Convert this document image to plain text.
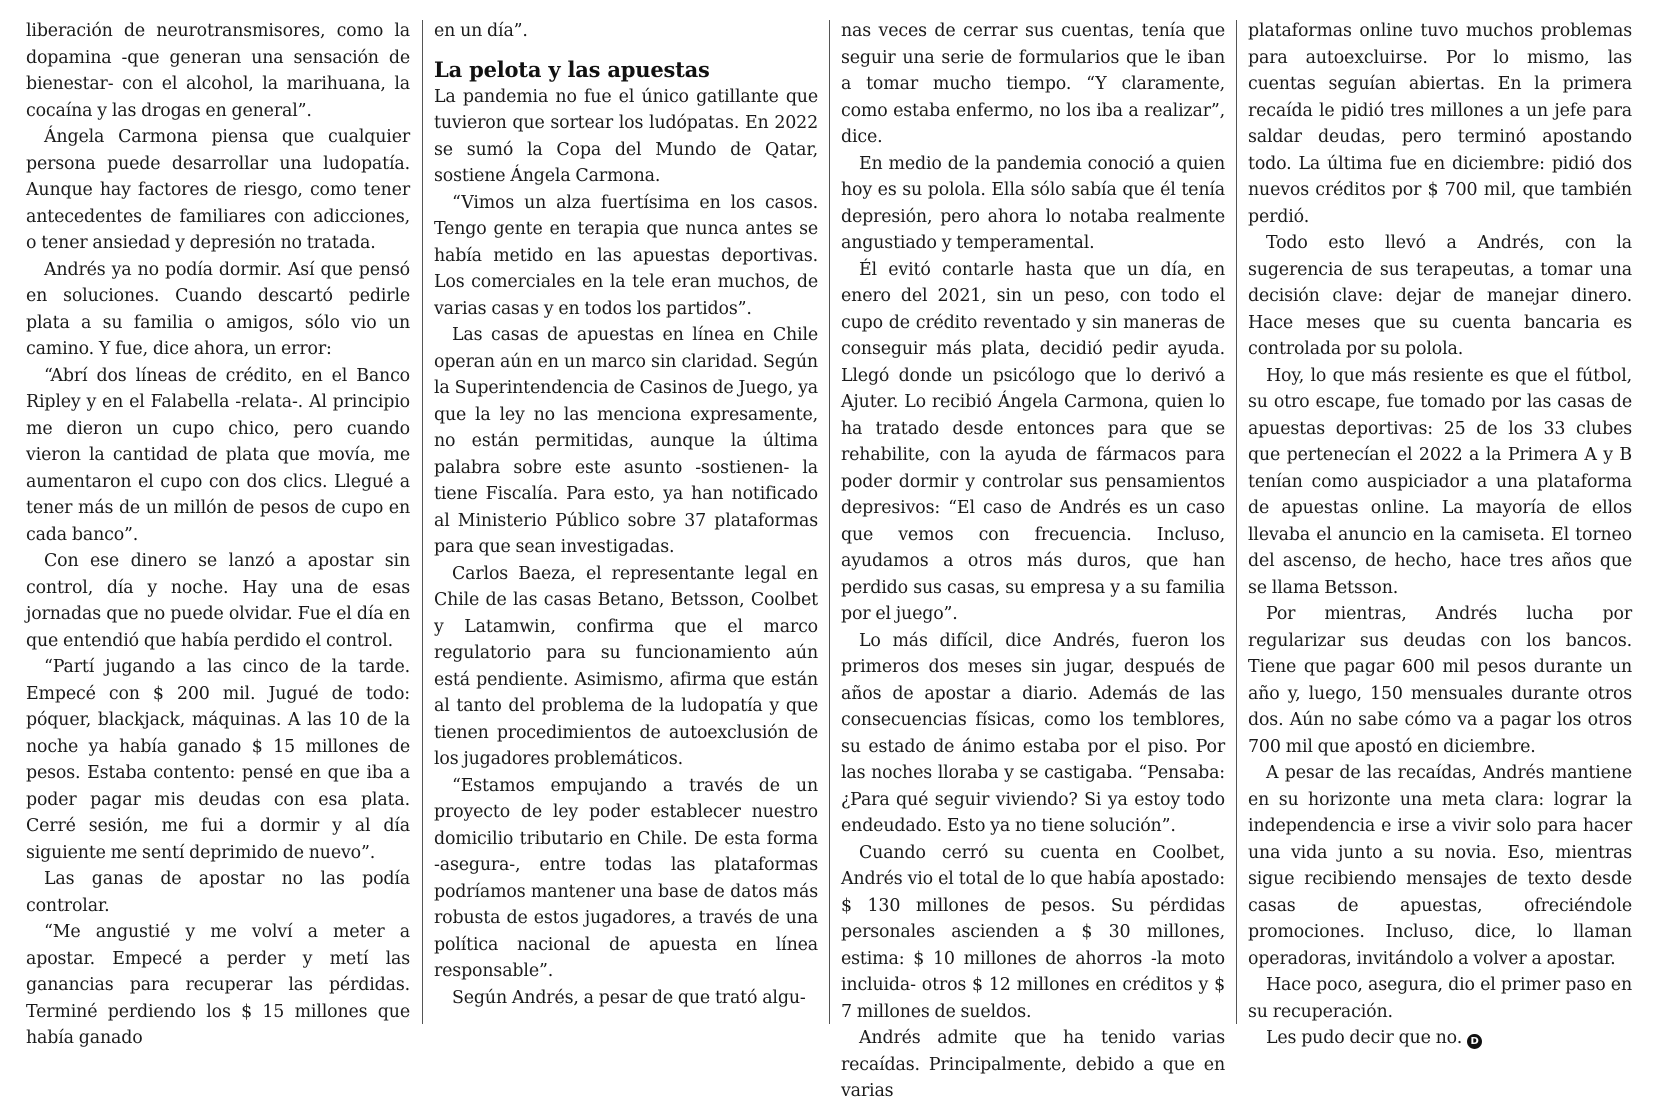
liberación de neurotransmisores, como la dopamina -que generan una sensación de bienestar- con el alcohol, la marihuana, la cocaína y las drogas en general”.

Ángela Carmona piensa que cualquier persona puede desarrollar una ludopatía. Aunque hay factores de riesgo, como tener antecedentes de familiares con adicciones, o tener ansiedad y depresión no tratada.

Andrés ya no podía dormir. Así que pensó en soluciones. Cuando descartó pedirle plata a su familia o amigos, sólo vio un camino. Y fue, dice ahora, un error:

“Abrí dos líneas de crédito, en el Banco Ripley y en el Falabella -relata-. Al principio me dieron un cupo chico, pero cuando vieron la cantidad de plata que movía, me aumentaron el cupo con dos clics. Llegué a tener más de un millón de pesos de cupo en cada banco”.

Con ese dinero se lanzó a apostar sin control, día y noche. Hay una de esas jornadas que no puede olvidar. Fue el día en que entendió que había perdido el control.

“Partí jugando a las cinco de la tarde. Empecé con $ 200 mil. Jugué de todo: póquer, blackjack, máquinas. A las 10 de la noche ya había ganado $ 15 millones de pesos. Estaba contento: pensé en que iba a poder pagar mis deudas con esa plata. Cerré sesión, me fui a dormir y al día siguiente me sentí deprimido de nuevo”.

Las ganas de apostar no las podía controlar.

“Me angustié y me volví a meter a apostar. Empecé a perder y metí las ganancias para recuperar las pérdidas. Terminé perdiendo los $ 15 millones que había ganado

en un día”.

La pelota y las apuestas

La pandemia no fue el único gatillante que tuvieron que sortear los ludópatas. En 2022 se sumó la Copa del Mundo de Qatar, sostiene Ángela Carmona.

“Vimos un alza fuertísima en los casos. Tengo gente en terapia que nunca antes se había metido en las apuestas deportivas. Los comerciales en la tele eran muchos, de varias casas y en todos los partidos”.

Las casas de apuestas en línea en Chile operan aún en un marco sin claridad. Según la Superintendencia de Casinos de Juego, ya que la ley no las menciona expresamente, no están permitidas, aunque la última palabra sobre este asunto -sostienen- la tiene Fiscalía. Para esto, ya han notificado al Ministerio Público sobre 37 plataformas para que sean investigadas.

Carlos Baeza, el representante legal en Chile de las casas Betano, Betsson, Coolbet y Latamwin, confirma que el marco regulatorio para su funcionamiento aún está pendiente. Asimismo, afirma que están al tanto del problema de la ludopatía y que tienen procedimientos de autoexclusión de los jugadores problemáticos.

“Estamos empujando a través de un proyecto de ley poder establecer nuestro domicilio tributario en Chile. De esta forma -asegura-, entre todas las plataformas podríamos mantener una base de datos más robusta de estos jugadores, a través de una política nacional de apuesta en línea responsable”.

Según Andrés, a pesar de que trató algu-

nas veces de cerrar sus cuentas, tenía que seguir una serie de formularios que le iban a tomar mucho tiempo. “Y claramente, como estaba enfermo, no los iba a realizar”, dice.

En medio de la pandemia conoció a quien hoy es su polola. Ella sólo sabía que él tenía depresión, pero ahora lo notaba realmente angustiado y temperamental.

Él evitó contarle hasta que un día, en enero del 2021, sin un peso, con todo el cupo de crédito reventado y sin maneras de conseguir más plata, decidió pedir ayuda. Llegó donde un psicólogo que lo derivó a Ajuter. Lo recibió Ángela Carmona, quien lo ha tratado desde entonces para que se rehabilite, con la ayuda de fármacos para poder dormir y controlar sus pensamientos depresivos: “El caso de Andrés es un caso que vemos con frecuencia. Incluso, ayudamos a otros más duros, que han perdido sus casas, su empresa y a su familia por el juego”.

Lo más difícil, dice Andrés, fueron los primeros dos meses sin jugar, después de años de apostar a diario. Además de las consecuencias físicas, como los temblores, su estado de ánimo estaba por el piso. Por las noches lloraba y se castigaba. “Pensaba: ¿Para qué seguir viviendo? Si ya estoy todo endeudado. Esto ya no tiene solución”.

Cuando cerró su cuenta en Coolbet, Andrés vio el total de lo que había apostado: $ 130 millones de pesos. Su pérdidas personales ascienden a $ 30 millones, estima: $ 10 millones de ahorros -la moto incluida- otros $ 12 millones en créditos y $ 7 millones de sueldos.

Andrés admite que ha tenido varias recaídas. Principalmente, debido a que en varias

plataformas online tuvo muchos problemas para autoexcluirse. Por lo mismo, las cuentas seguían abiertas. En la primera recaída le pidió tres millones a un jefe para saldar deudas, pero terminó apostando todo. La última fue en diciembre: pidió dos nuevos créditos por $ 700 mil, que también perdió.

Todo esto llevó a Andrés, con la sugerencia de sus terapeutas, a tomar una decisión clave: dejar de manejar dinero. Hace meses que su cuenta bancaria es controlada por su polola.

Hoy, lo que más resiente es que el fútbol, su otro escape, fue tomado por las casas de apuestas deportivas: 25 de los 33 clubes que pertenecían el 2022 a la Primera A y B tenían como auspiciador a una plataforma de apuestas online. La mayoría de ellos llevaba el anuncio en la camiseta. El torneo del ascenso, de hecho, hace tres años que se llama Betsson.

Por mientras, Andrés lucha por regularizar sus deudas con los bancos. Tiene que pagar 600 mil pesos durante un año y, luego, 150 mensuales durante otros dos. Aún no sabe cómo va a pagar los otros 700 mil que apostó en diciembre.

A pesar de las recaídas, Andrés mantiene en su horizonte una meta clara: lograr la independencia e irse a vivir solo para hacer una vida junto a su novia. Eso, mientras sigue recibiendo mensajes de texto desde casas de apuestas, ofreciéndole promociones. Incluso, dice, lo llaman operadoras, invitándolo a volver a apostar.

Hace poco, asegura, dio el primer paso en su recuperación.

Les pudo decir que no. D
